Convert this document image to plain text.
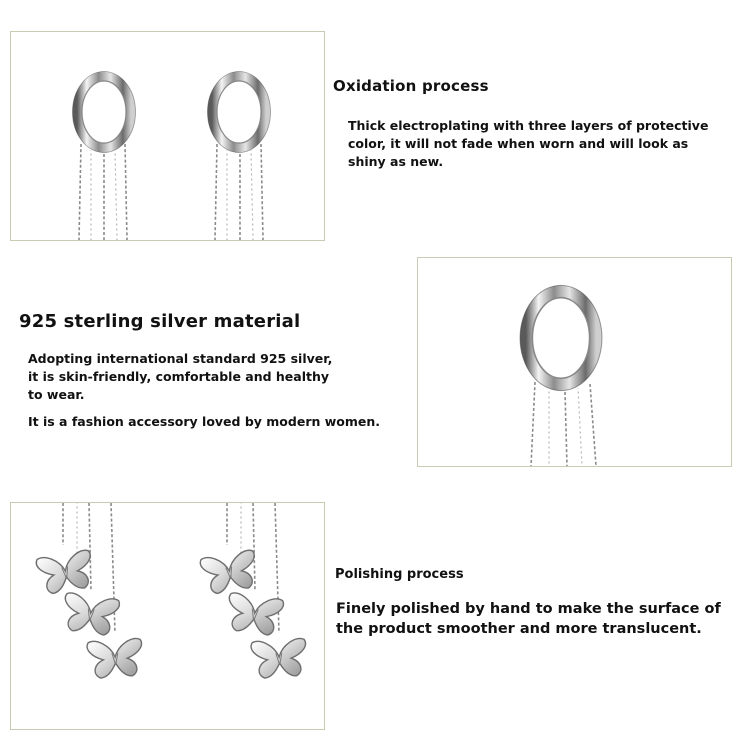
Oxidation process
Thick electroplating with three layers of protective
color, it will not fade when worn and will look as
shiny as new.
925 sterling silver material
Adopting international standard 925 silver,
it is skin-friendly, comfortable and healthy
to wear.
It is a fashion accessory loved by modern women.
Polishing process
Finely polished by hand to make the surface of
the product smoother and more translucent.
